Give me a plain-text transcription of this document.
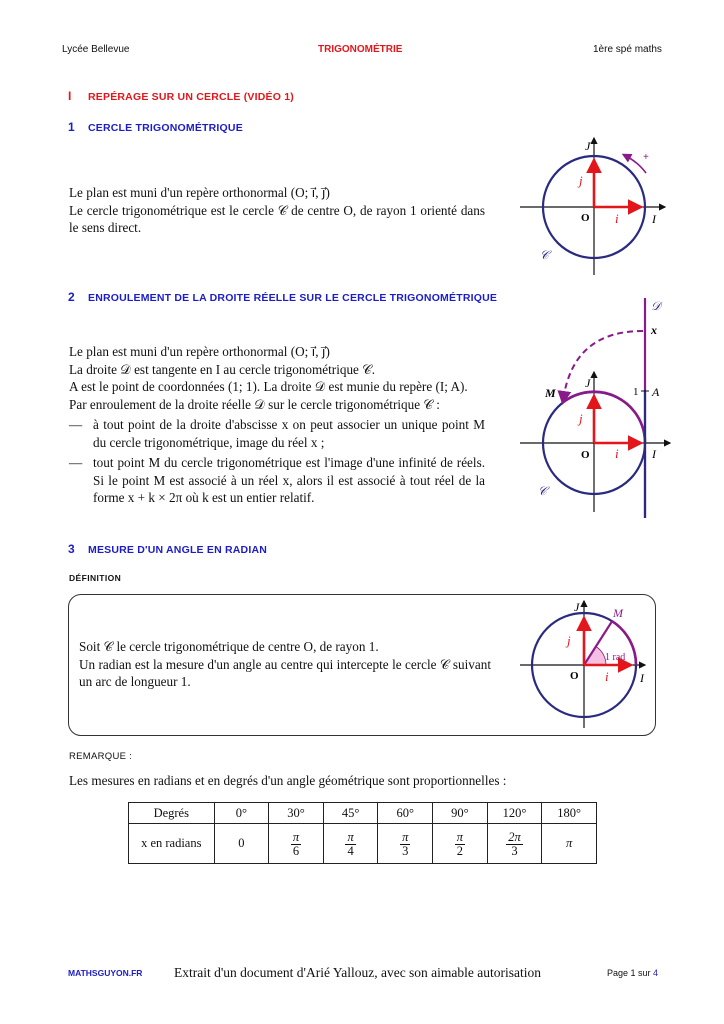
Lycée Bellevue	TRIGONOMÉTRIE	1ère spé maths
I REPÉRAGE SUR UN CERCLE (VIDÉO 1)
1 CERCLE TRIGONOMÉTRIQUE
Le plan est muni d'un repère orthonormal (O; i⃗, j⃗)
Le cercle trigonométrique est le cercle 𝒞 de centre O, de rayon 1 orienté dans le sens direct.
J
I
O i⃗
j⃗
𝒞
+
2 ENROULEMENT DE LA DROITE RÉELLE SUR LE CERCLE TRIGONOMÉTRIQUE
Le plan est muni d'un repère orthonormal (O; i⃗, j⃗)
La droite 𝒟 est tangente en I au cercle trigonométrique 𝒞.
A est le point de coordonnées (1; 1). La droite 𝒟 est munie du repère (I; A).
Par enroulement de la droite réelle 𝒟 sur le cercle trigonométrique 𝒞 :
— à tout point de la droite d'abscisse x on peut associer un unique point M du cercle trigonométrique, image du réel x ;
— tout point M du cercle trigonométrique est l'image d'une infinité de réels. Si le point M est associé à un réel x, alors il est associé à tout réel de la forme x + k × 2π où k est un entier relatif.
𝒟
x
M
J
1 A
O	I
i⃗
j⃗
𝒞
3 MESURE D'UN ANGLE EN RADIAN
DÉFINITION
Soit 𝒞 le cercle trigonométrique de centre O, de rayon 1.
Un radian est la mesure d'un angle au centre qui intercepte le cercle 𝒞 suivant un arc de longueur 1.
J	M
1 rad
O	I
i⃗
j⃗
REMARQUE :
Les mesures en radians et en degrés d'un angle géométrique sont proportionnelles :
Degrés	0°	30°	45°	60°	90°	120°	180°
x en radians	0	$\frac{\pi}{6}$	$\frac{\pi}{4}$	$\frac{\pi}{3}$	$\frac{\pi}{2}$	$\frac{2\pi}{3}$	π
MATHSGUYON.FR Extrait d'un document d'Arié Yallouz, avec son aimable autorisation	Page 1 sur 4
